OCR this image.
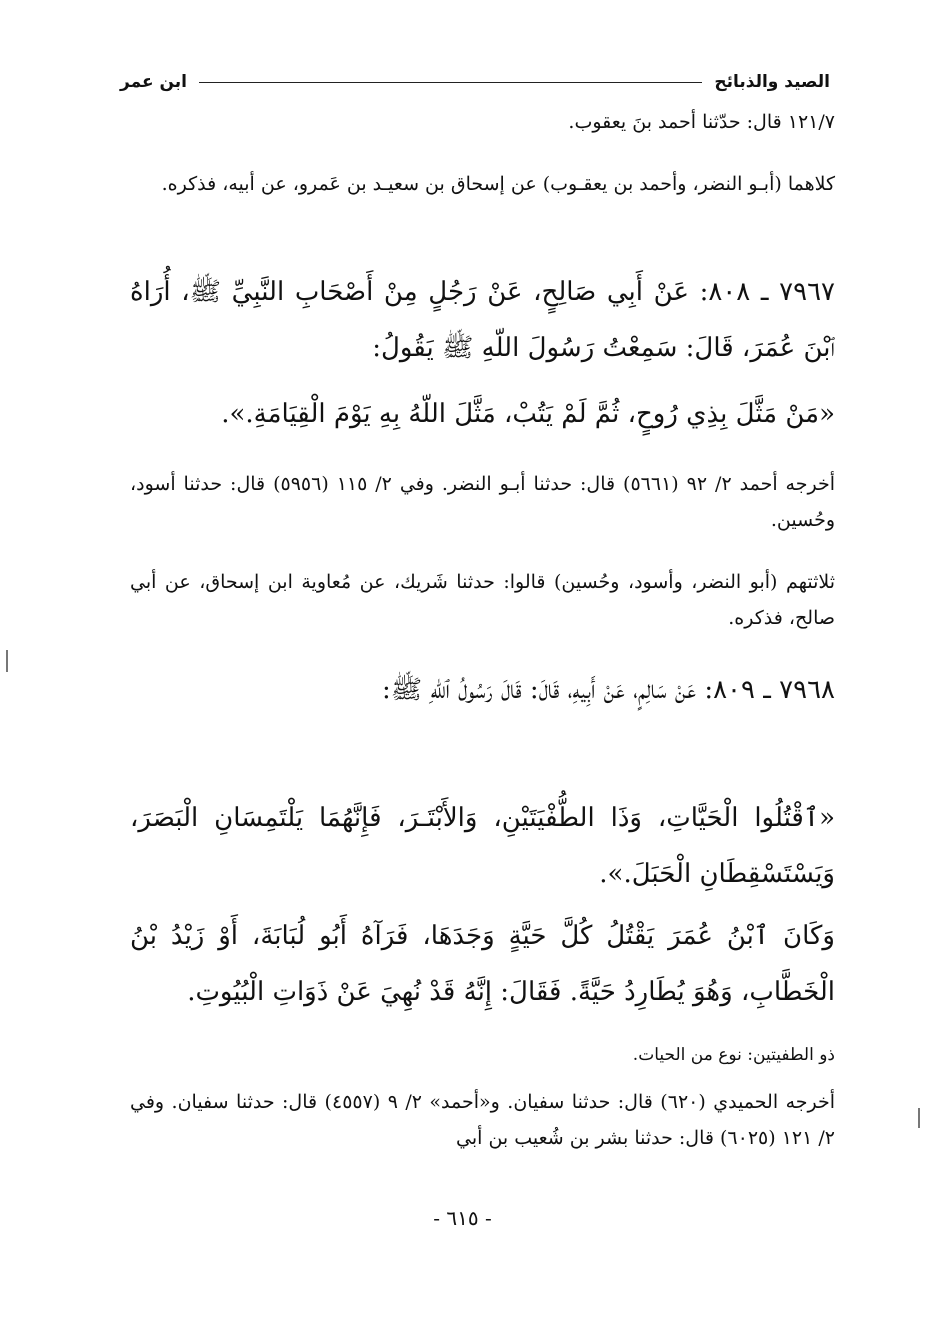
الصيد والذبائح
ابن عمر
١٢١/٧ قال: حدّثنا أحمد بنَ يعقوب.
كلاهما (أبـو النضر، وأحمد بن يعقـوب) عن إسحاق بن سعيـد بن عَمرو، عن أبيه، فذكره.
٧٩٦٧ ـ ٨٠٨: عَنْ أَبِي صَالِحٍ، عَنْ رَجُلٍ مِنْ أَصْحَابِ النَّبِيِّ ﷺ، أُرَاهُ ٱبْنَ عُمَرَ، قَالَ: سَمِعْتُ رَسُولَ اللّهِ ﷺ يَقُولُ:
«مَنْ مَثَّلَ بِذِي رُوحٍ، ثُمَّ لَمْ يَتُبْ، مَثَّلَ اللّهُ بِهِ يَوْمَ الْقِيَامَةِ.».
أخرجه أحمد ٢/ ٩٢ (٥٦٦١) قال: حدثنا أبـو النضر. وفي ٢/ ١١٥ (٥٩٥٦) قال: حدثنا أسود، وحُسين.
ثلاثتهم (أبو النضر، وأسود، وحُسين) قالوا: حدثنا شَريك، عن مُعاوية ابن إسحاق، عن أبي صالح، فذكره.
٧٩٦٨ ـ ٨٠٩: عَنْ سَالِمٍ، عَنْ أَبِيهِ، قَالَ: قَالَ رَسُولُ ٱللّهِ ﷺ:
«ٱقْتُلُوا الْحَيَّاتِ، وَذَا الطُّفْيَتَيْنِ، وَالأَبْتَـرَ، فَإِنَّهُمَا يَلْتَمِسَانِ الْبَصَرَ، وَيَسْتَسْقِطَانِ الْحَبَلَ.».
وَكَانَ ٱبْنُ عُمَرَ يَقْتُلُ كُلَّ حَيَّةٍ وَجَدَهَا، فَرَآهُ أَبُو لُبَابَةَ، أَوْ زَيْدُ بْنُ الْخَطَّابِ، وَهُوَ يُطَارِدُ حَيَّةً. فَقَالَ: إِنَّهُ قَدْ نُهِيَ عَنْ ذَوَاتِ الْبُيُوتِ.
ذو الطفيتين: نوع من الحيات.
أخرجه الحميدي (٦٢٠) قال: حدثنا سفيان. و«أحمد» ٢/ ٩ (٤٥٥٧) قال: حدثنا سفيان. وفي ٢/ ١٢١ (٦٠٢٥) قال: حدثنا بشر بن شُعيب بن أبي
- ٦١٥ -
